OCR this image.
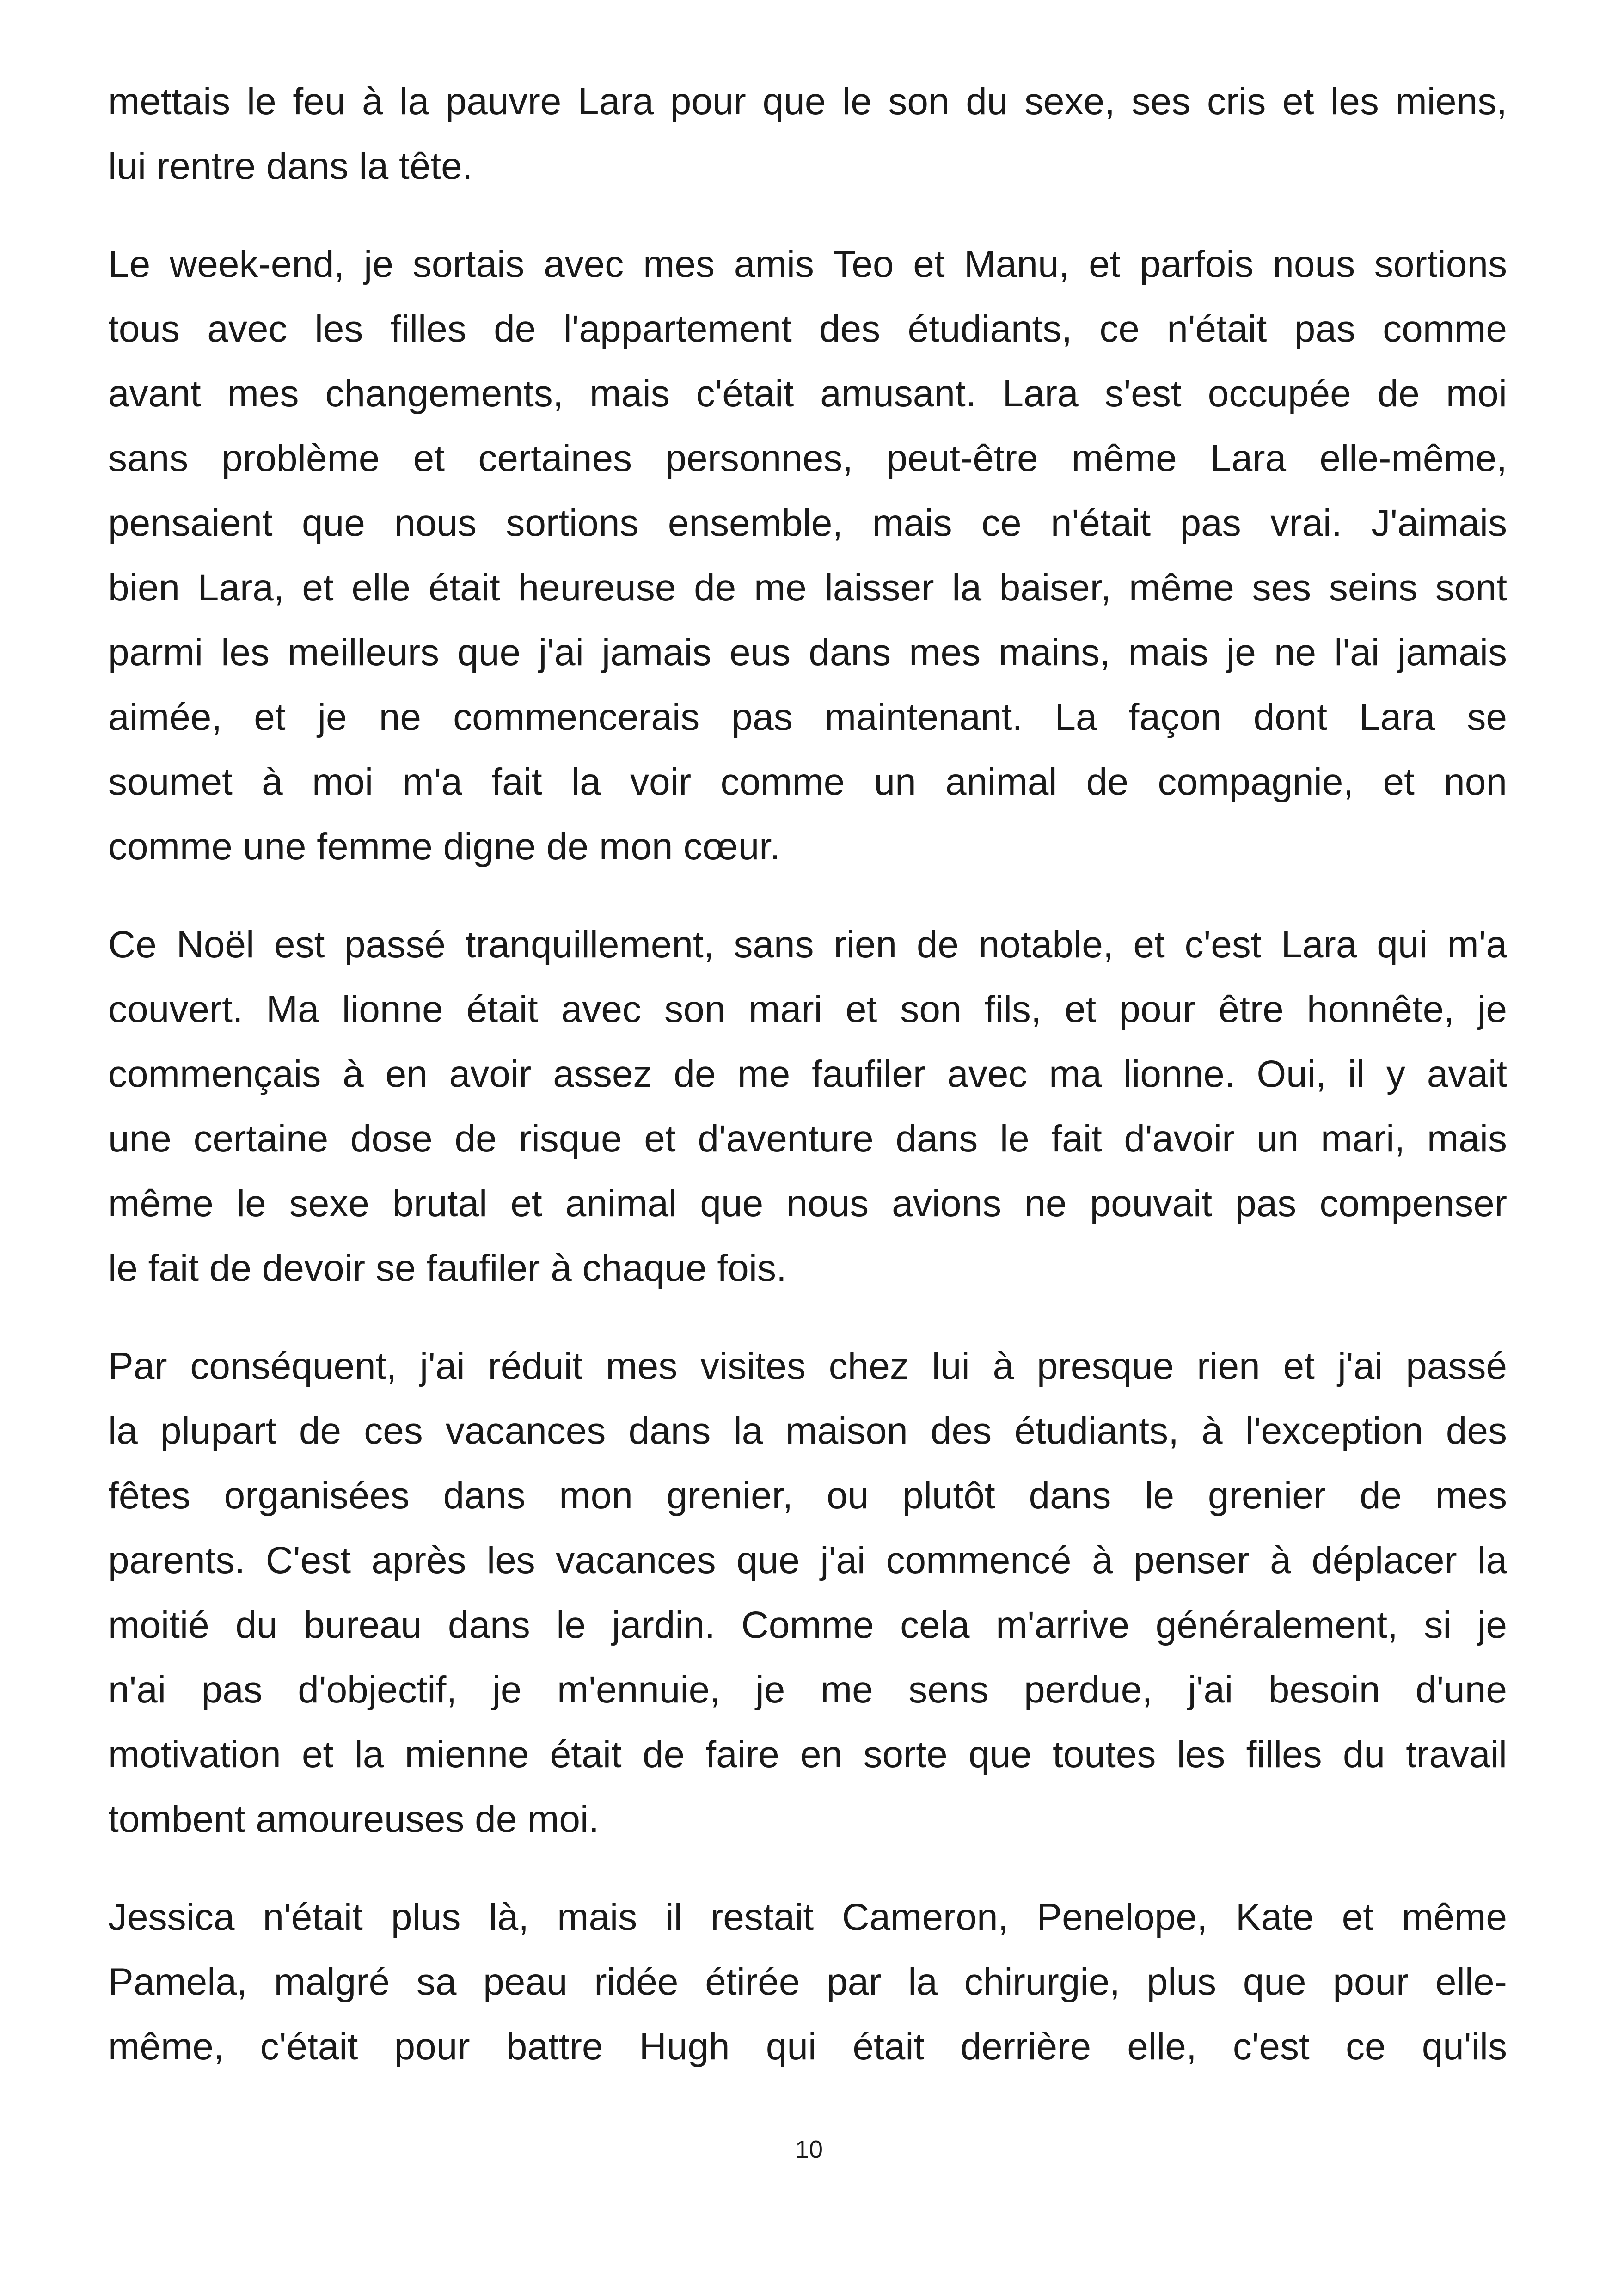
mettais le feu à la pauvre Lara pour que le son du sexe, ses cris et les miens,
lui rentre dans la tête.

Le week-end, je sortais avec mes amis Teo et Manu, et parfois nous sortions
tous avec les filles de l'appartement des étudiants, ce n'était pas comme
avant mes changements, mais c'était amusant. Lara s'est occupée de moi
sans problème et certaines personnes, peut-être même Lara elle-même,
pensaient que nous sortions ensemble, mais ce n'était pas vrai. J'aimais
bien Lara, et elle était heureuse de me laisser la baiser, même ses seins sont
parmi les meilleurs que j'ai jamais eus dans mes mains, mais je ne l'ai jamais
aimée, et je ne commencerais pas maintenant. La façon dont Lara se
soumet à moi m'a fait la voir comme un animal de compagnie, et non
comme une femme digne de mon cœur.

Ce Noël est passé tranquillement, sans rien de notable, et c'est Lara qui m'a
couvert. Ma lionne était avec son mari et son fils, et pour être honnête, je
commençais à en avoir assez de me faufiler avec ma lionne. Oui, il y avait
une certaine dose de risque et d'aventure dans le fait d'avoir un mari, mais
même le sexe brutal et animal que nous avions ne pouvait pas compenser
le fait de devoir se faufiler à chaque fois.

Par conséquent, j'ai réduit mes visites chez lui à presque rien et j'ai passé
la plupart de ces vacances dans la maison des étudiants, à l'exception des
fêtes organisées dans mon grenier, ou plutôt dans le grenier de mes
parents. C'est après les vacances que j'ai commencé à penser à déplacer la
moitié du bureau dans le jardin. Comme cela m'arrive généralement, si je
n'ai pas d'objectif, je m'ennuie, je me sens perdue, j'ai besoin d'une
motivation et la mienne était de faire en sorte que toutes les filles du travail
tombent amoureuses de moi.

Jessica n'était plus là, mais il restait Cameron, Penelope, Kate et même
Pamela, malgré sa peau ridée étirée par la chirurgie, plus que pour elle-
même, c'était pour battre Hugh qui était derrière elle, c'est ce qu'ils

10
